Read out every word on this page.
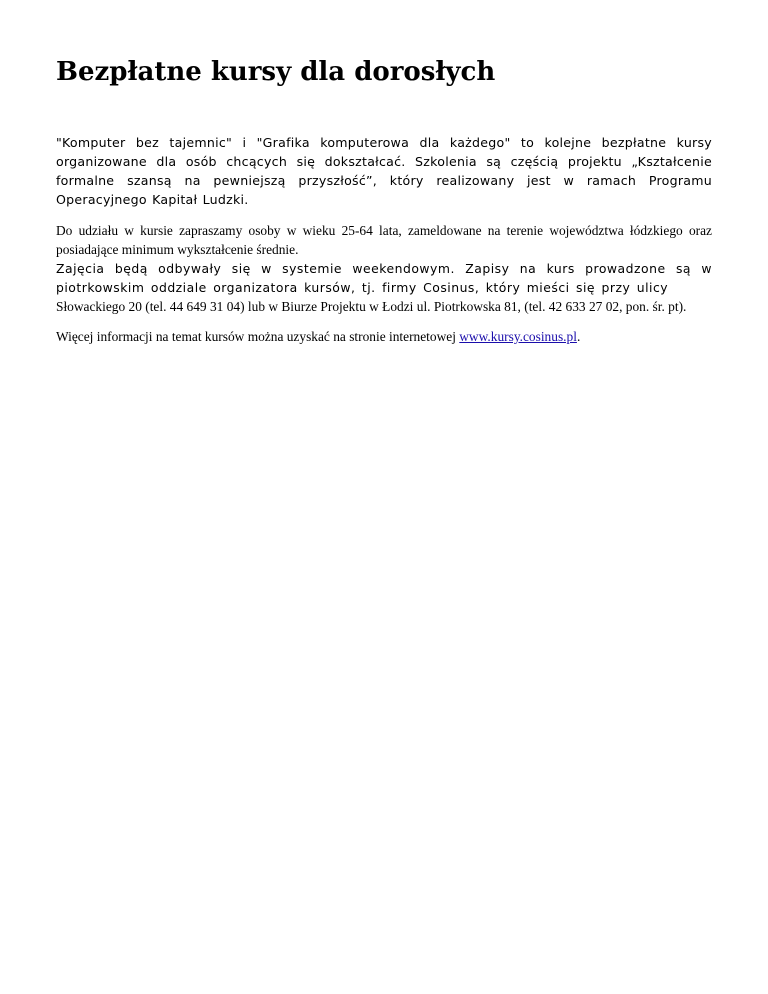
Bezpłatne kursy dla dorosłych

"Komputer bez tajemnic" i "Grafika komputerowa dla każdego" to kolejne bezpłatne kursy organizowane dla osób chcących się dokształcać. Szkolenia są częścią projektu „Kształcenie formalne szansą na pewniejszą przyszłość”, który realizowany jest w ramach Programu Operacyjnego Kapitał Ludzki.

Do udziału w kursie zapraszamy osoby w wieku 25-64 lata, zameldowane na terenie województwa łódzkiego oraz posiadające minimum wykształcenie średnie.

Zajęcia będą odbywały się w systemie weekendowym. Zapisy na kurs prowadzone są w piotrkowskim oddziale organizatora kursów, tj. firmy Cosinus, który mieści się przy ulicy

Słowackiego 20 (tel. 44 649 31 04) lub w Biurze Projektu w Łodzi ul. Piotrkowska 81, (tel. 42 633 27 02, pon. śr. pt).

Więcej informacji na temat kursów można uzyskać na stronie internetowej www.kursy.cosinus.pl.
